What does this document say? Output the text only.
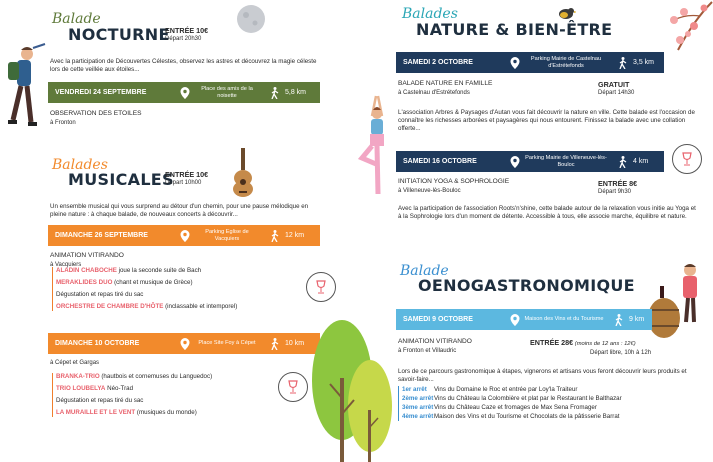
Balade
NOCTURNE
ENTRÉE 10€
Départ 20h30
Avec la participation de Découvertes Célestes, observez les astres et découvrez la magie céleste lors de cette veillée aux étoiles...
VENDREDI 24 SEPTEMBRE	Place des amis de la noisette	5,8 km
OBSERVATION DES ETOILES
à Fronton
Balades
MUSICALES
ENTRÉE 10€
Départ 10h00
Un ensemble musical qui vous surprend au détour d'un chemin, pour une pause mélodique en pleine nature : à chaque balade, de nouveaux concerts à découvrir...
DIMANCHE 26 SEPTEMBRE	Parking Eglise de Vacquiers	12 km
ANIMATION VITIRANDO
à Vacquiers
ALADIN CHABOCHE joue la seconde suite de Bach
MERAKLIDES DUO (chant et musique de Grèce)
Dégustation et repas tiré du sac
ORCHESTRE DE CHAMBRE D'HÔTE (inclassable et intemporel)
DIMANCHE 10 OCTOBRE	Place Site Foy à Cépet	10 km
à Cépet et Gargas
BRANKA-TRIO (hautbois et cornemuses du Languedoc)
TRIO LOUBELYA Néo-Trad
Dégustation et repas tiré du sac
LA MURAILLE ET LE VENT (musiques du monde)
Balades
NATURE & BIEN-ÊTRE
SAMEDI 2 OCTOBRE	Parking Mairie de Castelnau d'Estrétefonds	3,5 km
BALADE NATURE EN FAMILLE
à Castelnau d'Estrétefonds
GRATUIT
Départ 14h30
L'association Arbres & Paysages d'Autan vous fait découvrir la nature en ville. Cette balade est l'occasion de connaître les richesses arborées et paysagères qui nous entourent. Finissez la balade avec une collation offerte...
SAMEDI 16 OCTOBRE	Parking Mairie de Villeneuve-lès-Bouloc	4 km
INITIATION YOGA & SOPHROLOGIE
à Villeneuve-lès-Bouloc
ENTRÉE 8€
Départ 9h30
Avec la participation de l'association Roots'n'shine, cette balade autour de la relaxation vous initie au Yoga et à la Sophrologie lors d'un moment de détente. Accessible à tous, elle associe marche, équilibre et nature.
Balade
OENOGASTRONOMIQUE
SAMEDI 9 OCTOBRE	Maison des Vins et du Tourisme	9 km
ANIMATION VITIRANDO
à Fronton et Villaudric
ENTRÉE 28€ (moins de 12 ans : 12€)
Départ libre, 10h à 12h
Lors de ce parcours gastronomique à étapes, vignerons et artisans vous feront découvrir leurs produits et savoir-faire...
1er arrêt Vins du Domaine le Roc et entrée par Loy'la Traiteur
2ème arrêtVins du Château la Colombière et plat par le Restaurant le Balthazar
3ème arrêtVins du Château Caze et fromages de Max Sena Fromager
4ème arrêtMaison des Vins et du Tourisme et Chocolats de la pâtisserie Barrat
